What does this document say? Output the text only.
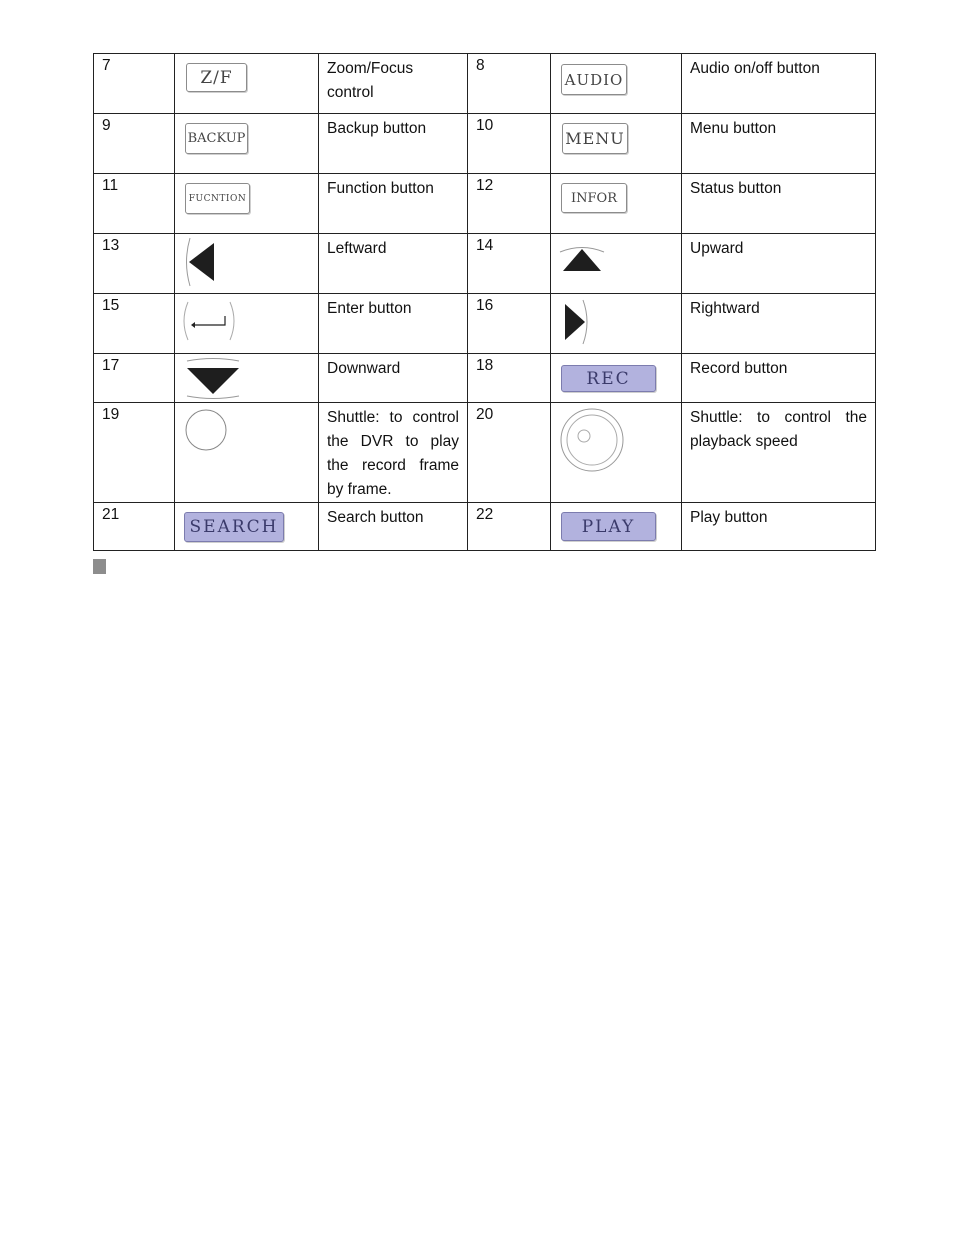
7	Z/F	Zoom/Focus control	8	AUDIO	Audio on/off button
9	BACKUP	Backup button	10	MENU	Menu button
11	FUCNTION	Function button	12	INFOR	Status button
13		Leftward	14		Upward
15		Enter button	16		Rightward
17		Downward	18	REC	Record button
19		Shuttle: to control the DVR to play the record frame by frame.	20		Shuttle: to control the playback speed
21	SEARCH	Search button	22	PLAY	Play button
